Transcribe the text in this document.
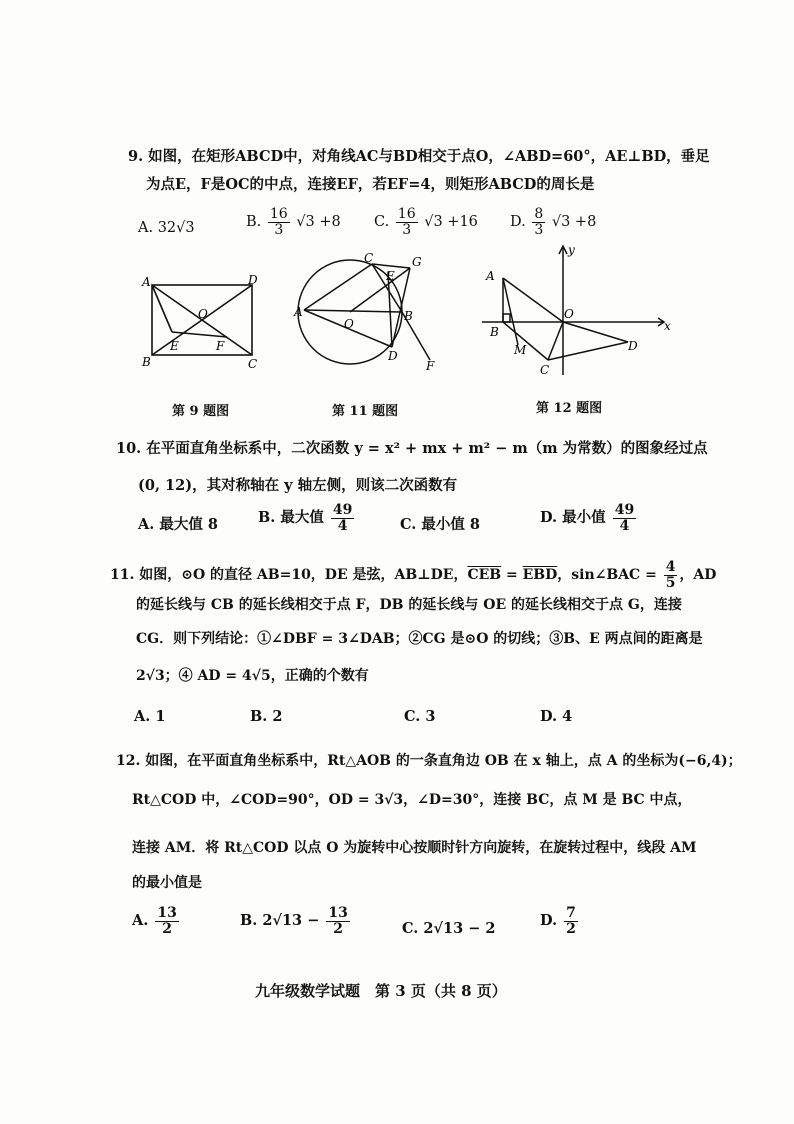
9. 如图，在矩形ABCD中，对角线AC与BD相交于点O，∠ABD=60°，AE⊥BD，垂足
为点E，F是OC的中点，连接EF，若EF=4，则矩形ABCD的周长是
A. 32√3	B. $\frac{16}{3} √3 +8$ C. $\frac{16}{3} √3 +16$ D. $\frac{8}{3} √3 +8$
A
B	C
D
O
E	F
A	B
C
D
E
F
G
O
A
B
C
D
O
M
x
y
第 9 题图	第 11 题图	第 12 题图
10. 在平面直角坐标系中，二次函数 y = x² + mx + m² − m（m 为常数）的图象经过点
(0, 12)，其对称轴在 y 轴左侧，则该二次函数有
A. 最大值 8	B. 最大值 $\frac{49}{4}$	C. 最小值 8	D. 最小值 $\frac{49}{4}$
11. 如图，⊙O 的直径 AB=10，DE 是弦，AB⊥DE，$\overline{CEB} = \overline{EBD}$，sin∠BAC = $\frac{4}{5}$ ，AD
的延长线与 CB 的延长线相交于点 F，DB 的延长线与 OE 的延长线相交于点 G，连接
CG．则下列结论：①∠DBF = 3∠DAB；②CG 是⊙O 的切线；③B、E 两点间的距离是
2√3；④ AD = 4√5，正确的个数有
A. 1	B. 2	C. 3	D. 4
12. 如图，在平面直角坐标系中，Rt△AOB 的一条直角边 OB 在 x 轴上，点 A 的坐标为(−6,4)；
Rt△COD 中，∠COD=90°，OD = 3√3，∠D=30°，连接 BC，点 M 是 BC 中点，
连接 AM．将 Rt△COD 以点 O 为旋转中心按顺时针方向旋转，在旋转过程中，线段 AM
的最小值是
A. $\frac{13}{2}$	B. $2√13 - \frac{13}{2}$	C. 2√13 − 2	D. $\frac{7}{2}$
九年级数学试题　第 3 页（共 8 页）
